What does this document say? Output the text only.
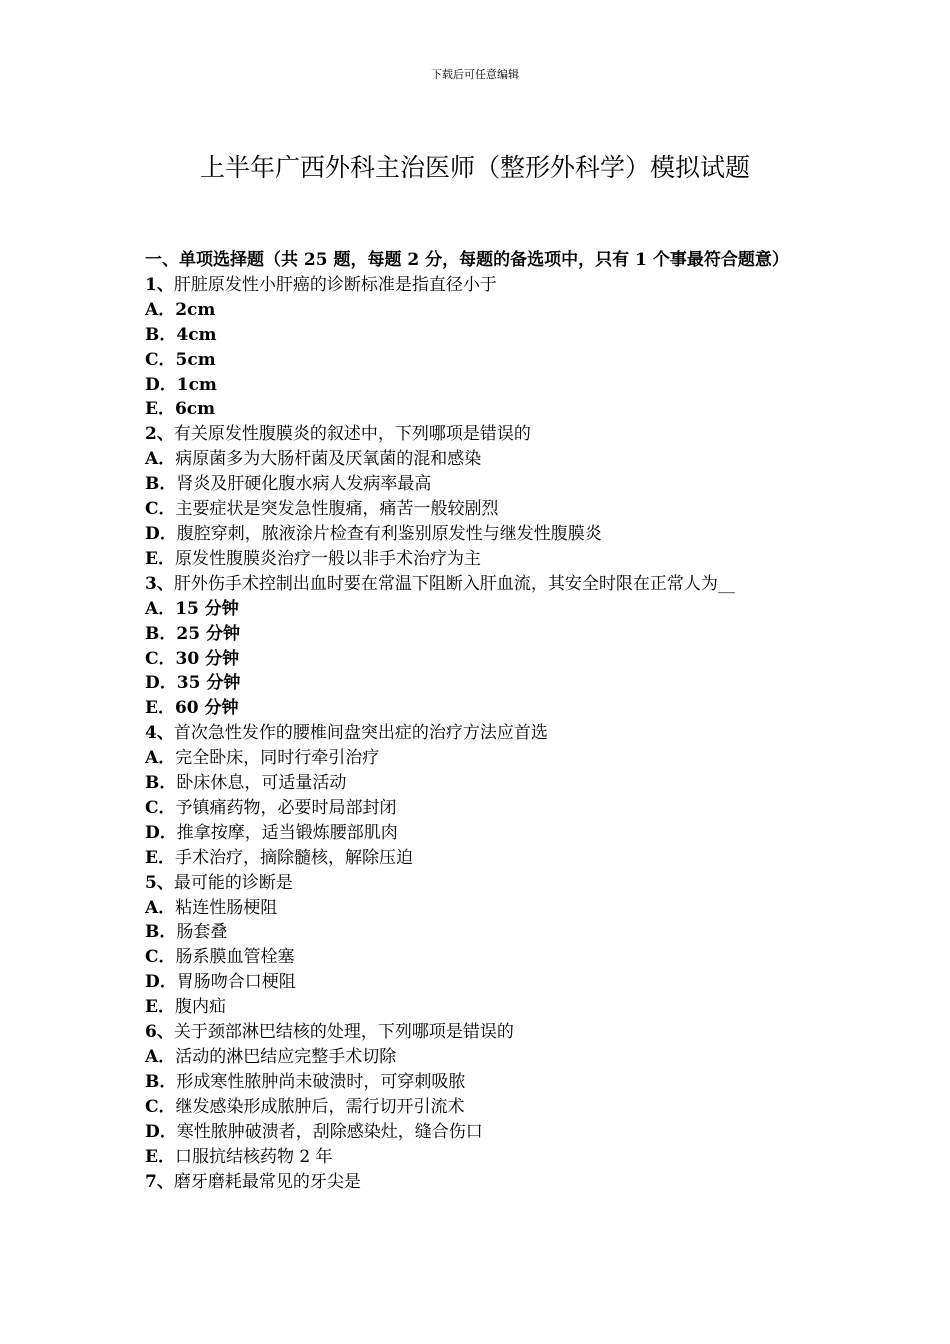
下载后可任意编辑
上半年广西外科主治医师（整形外科学）模拟试题

一、单项选择题（共 25 题，每题 2 分，每题的备选项中，只有 1 个事最符合题意）

1、肝脏原发性小肝癌的诊断标准是指直径小于

A．2cm

B．4cm

C．5cm

D．1cm

E．6cm

2、有关原发性腹膜炎的叙述中，下列哪项是错误的

A．病原菌多为大肠杆菌及厌氧菌的混和感染

B．肾炎及肝硬化腹水病人发病率最高

C．主要症状是突发急性腹痛，痛苦一般较剧烈

D．腹腔穿刺，脓液涂片检查有利鉴别原发性与继发性腹膜炎

E．原发性腹膜炎治疗一般以非手术治疗为主

3、肝外伤手术控制出血时要在常温下阻断入肝血流，其安全时限在正常人为__

A．15 分钟

B．25 分钟

C．30 分钟

D．35 分钟

E．60 分钟

4、首次急性发作的腰椎间盘突出症的治疗方法应首选

A．完全卧床，同时行牵引治疗

B．卧床休息，可适量活动

C．予镇痛药物，必要时局部封闭

D．推拿按摩，适当锻炼腰部肌肉

E．手术治疗，摘除髓核，解除压迫

5、最可能的诊断是

A．粘连性肠梗阻

B．肠套叠

C．肠系膜血管栓塞

D．胃肠吻合口梗阻

E．腹内疝

6、关于颈部淋巴结核的处理，下列哪项是错误的

A．活动的淋巴结应完整手术切除

B．形成寒性脓肿尚未破溃时，可穿刺吸脓

C．继发感染形成脓肿后，需行切开引流术

D．寒性脓肿破溃者，刮除感染灶，缝合伤口

E．口服抗结核药物 2 年

7、磨牙磨耗最常见的牙尖是
